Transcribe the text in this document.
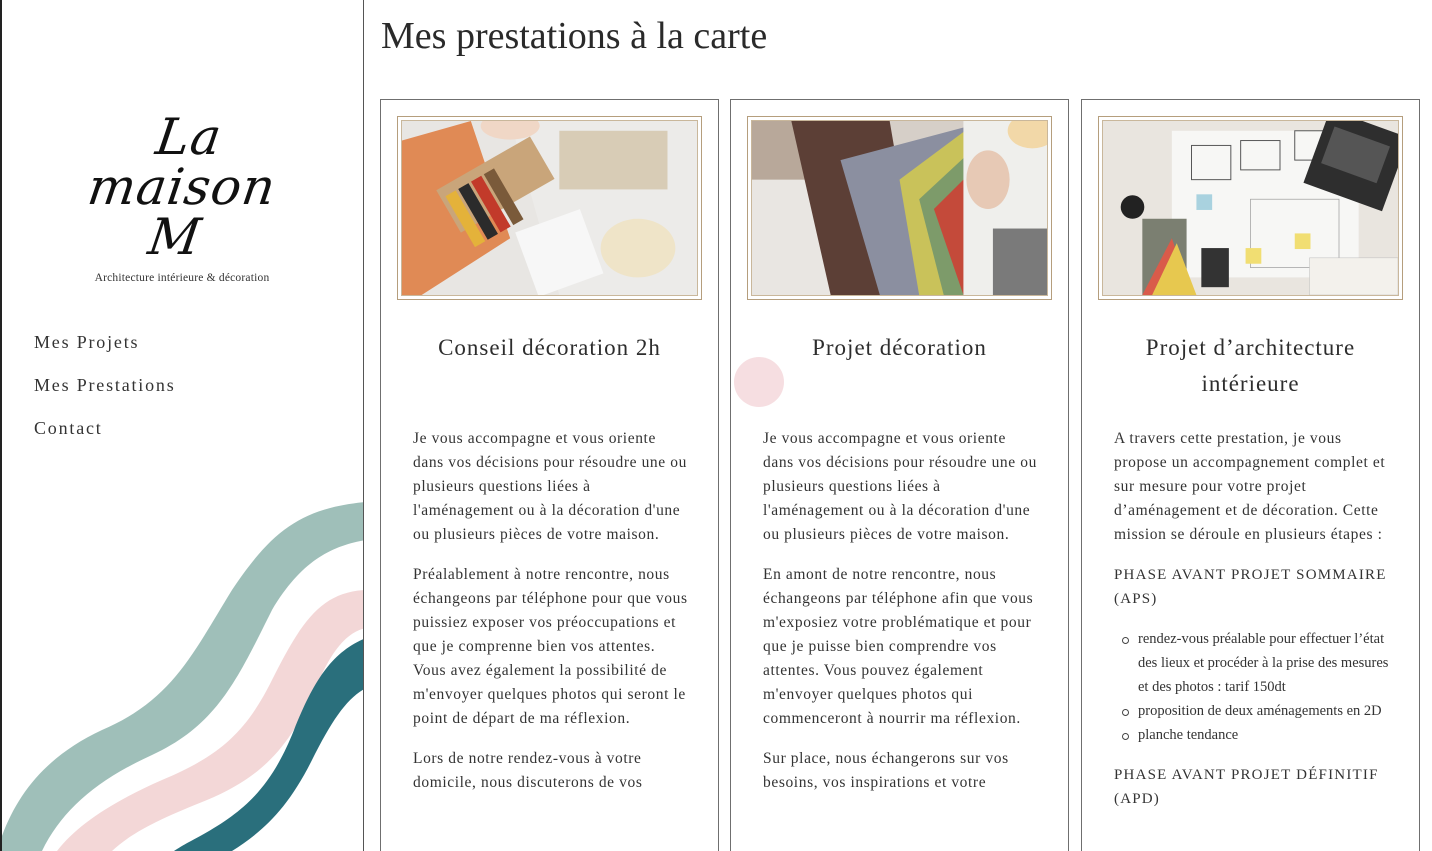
La maison M
Architecture intérieure & décoration
Mes Projets
Mes Prestations
Contact
Mes prestations à la carte
Conseil décoration 2h

Je vous accompagne et vous oriente dans vos décisions pour résoudre une ou plusieurs questions liées à l'aménagement ou à la décoration d'une ou plusieurs pièces de votre maison.

Préalablement à notre rencontre, nous échangeons par téléphone pour que vous puissiez exposer vos préoccupations et que je comprenne bien vos attentes. Vous avez également la possibilité de m'envoyer quelques photos qui seront le point de départ de ma réflexion.

Lors de notre rendez-vous à votre domicile, nous discuterons de vos

Projet décoration

Je vous accompagne et vous oriente dans vos décisions pour résoudre une ou plusieurs questions liées à l'aménagement ou à la décoration d'une ou plusieurs pièces de votre maison.

En amont de notre rencontre, nous échangeons par téléphone afin que vous m'exposiez votre problématique et pour que je puisse bien comprendre vos attentes. Vous pouvez également m'envoyer quelques photos qui commenceront à nourrir ma réflexion.

Sur place, nous échangerons sur vos besoins, vos inspirations et votre

Projet d’architecture intérieure

A travers cette prestation, je vous propose un accompagnement complet et sur mesure pour votre projet d’aménagement et de décoration. Cette mission se déroule en plusieurs étapes :

PHASE AVANT PROJET SOMMAIRE (APS)
rendez-vous préalable pour effectuer l’état des lieux et procéder à la prise des mesures et des photos : tarif 150dt
proposition de deux aménagements en 2D
planche tendance
PHASE AVANT PROJET DÉFINITIF (APD)
